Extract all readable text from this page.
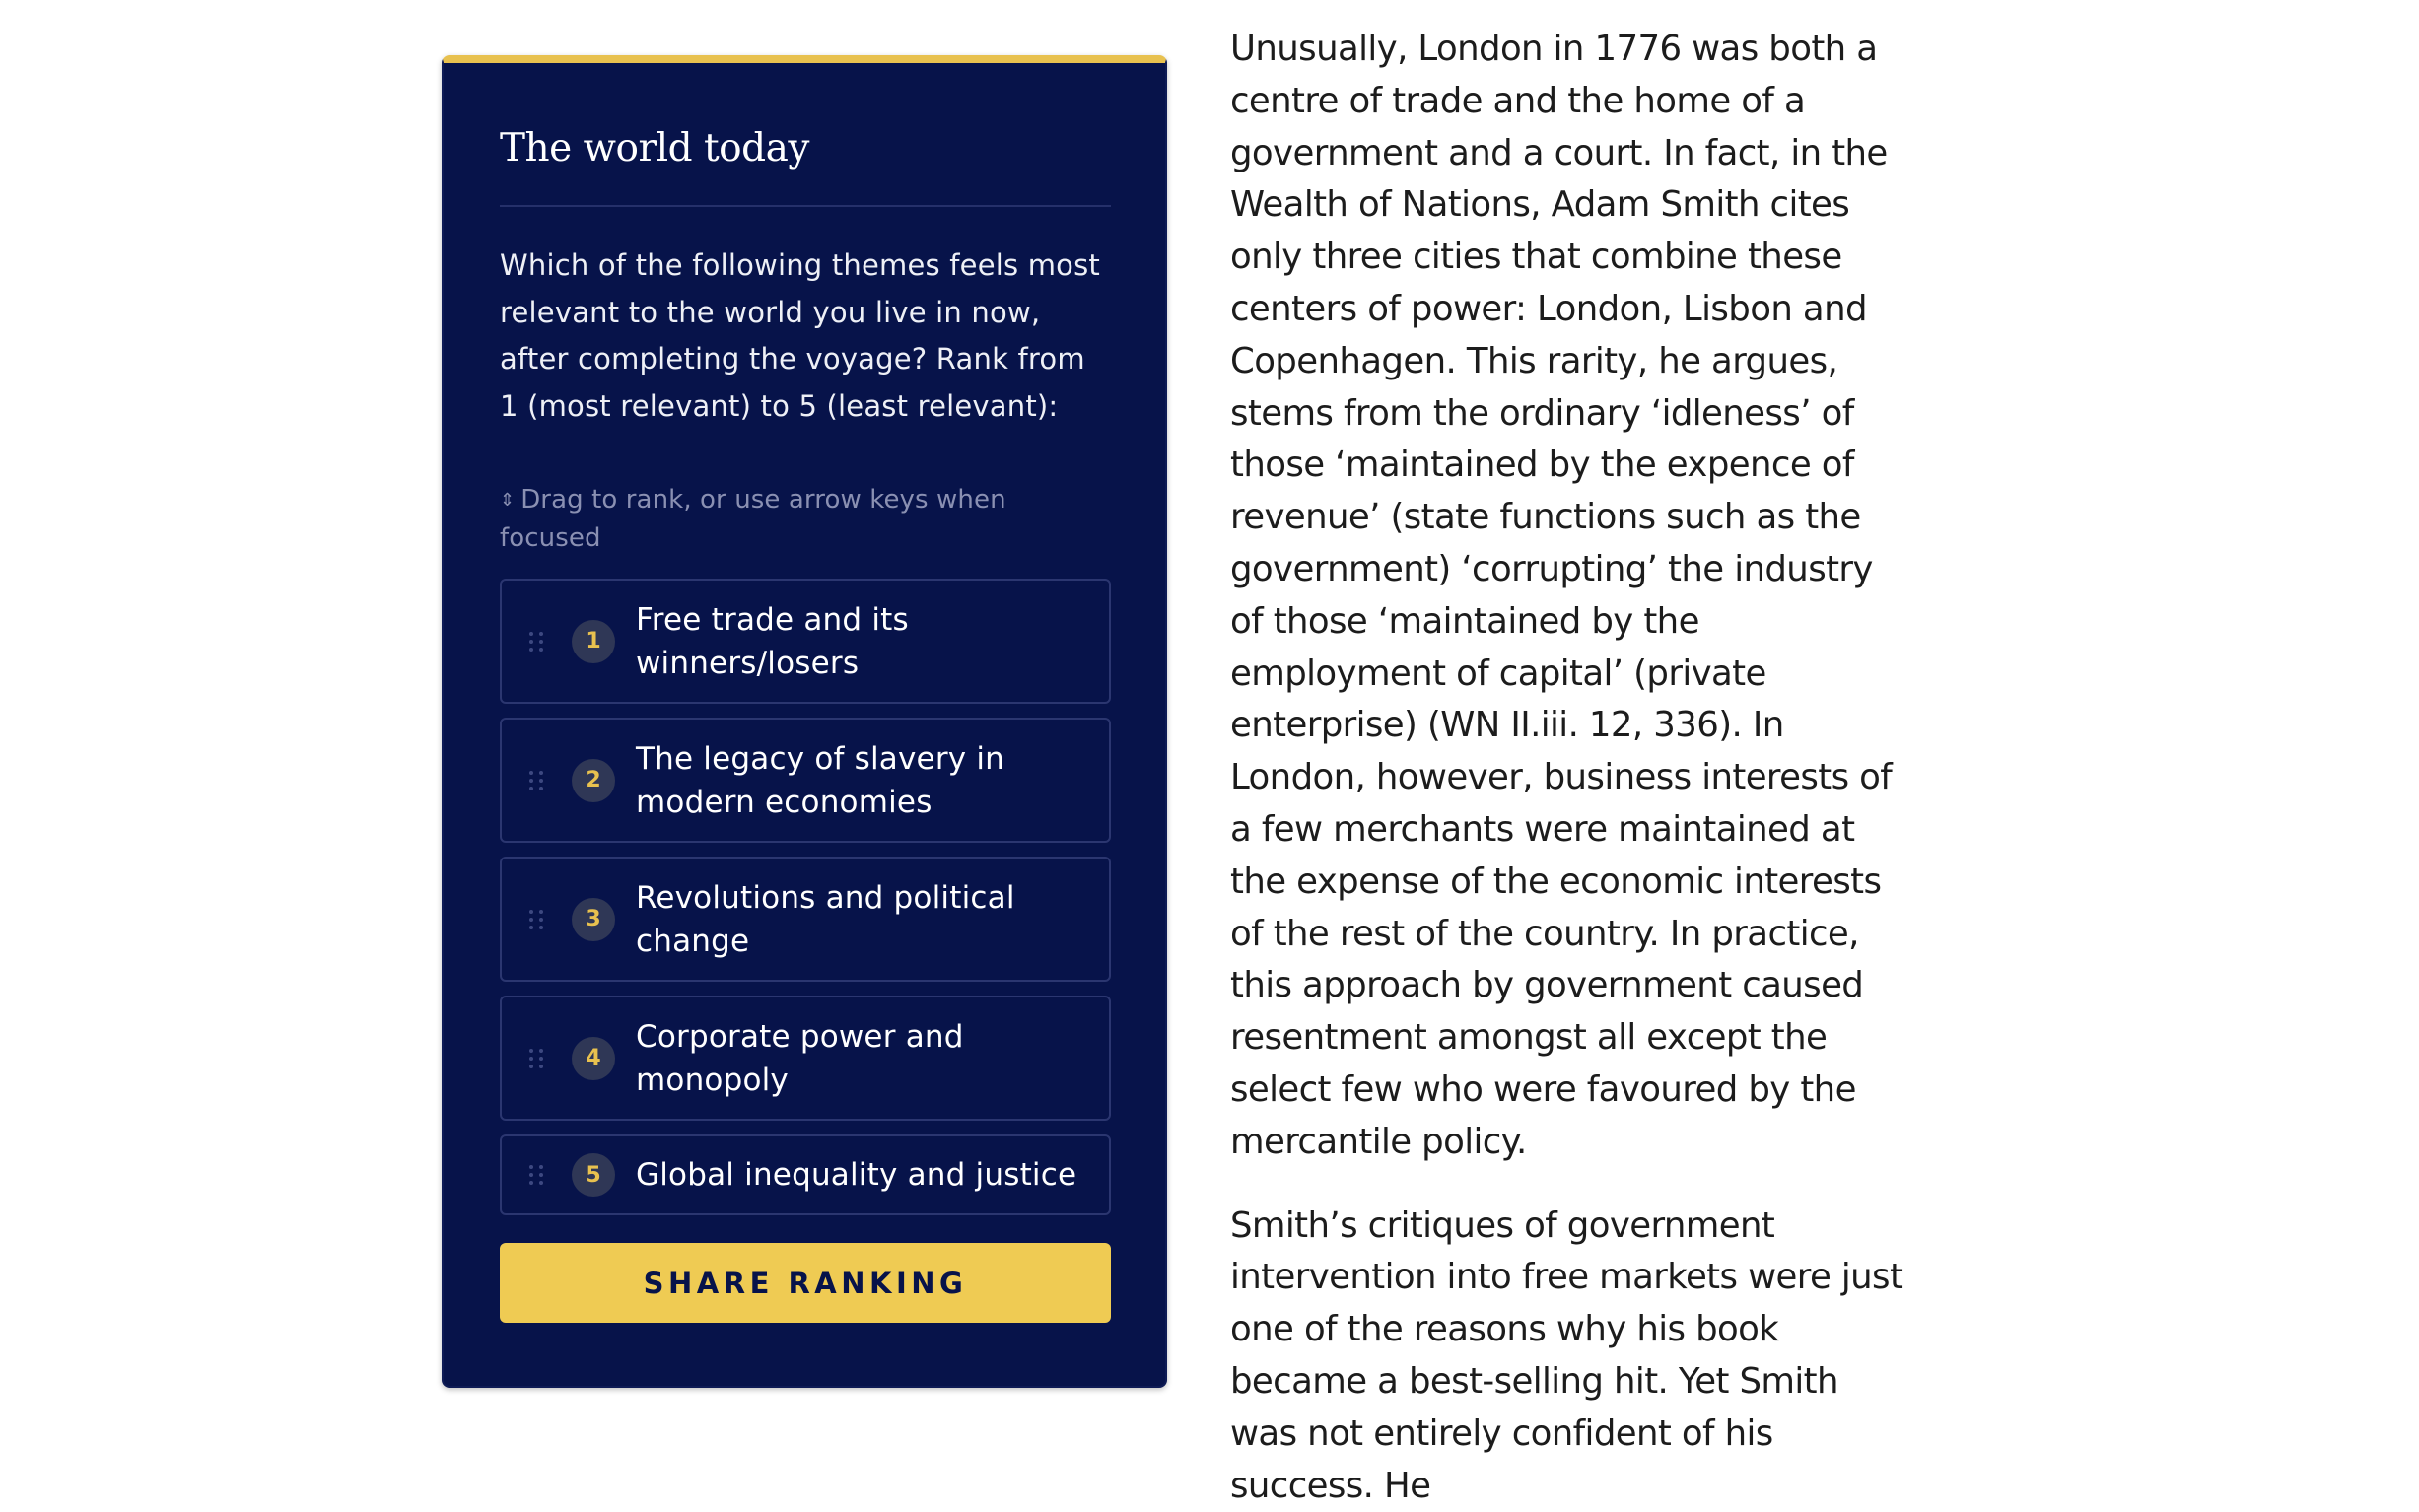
The world today
Which of the following themes feels most relevant to the world you live in now, after completing the voyage? Rank from 1 (most relevant) to 5 (least relevant):
⇕ Drag to rank, or use arrow keys when focused
1
Free trade and its winners/losers
2
The legacy of slavery in modern economies
3
Revolutions and political change
4
Corporate power and monopoly
5	Global inequality and justice
SHARE RANKING

Unusually, London in 1776 was both a centre of trade and the home of a government and a court. In fact, in the Wealth of Nations, Adam Smith cites only three cities that combine these centers of power: London, Lisbon and Copenhagen. This rarity, he argues, stems from the ordinary ‘idleness’ of those ‘maintained by the expence of revenue’ (state functions such as the government) ‘corrupting’ the industry of those ‘maintained by the employment of capital’ (private enterprise) (WN II.iii. 12, 336). In London, however, business interests of a few merchants were maintained at the expense of the economic interests of the rest of the country. In practice, this approach by government caused resentment amongst all except the select few who were favoured by the mercantile policy.

Smith’s critiques of government intervention into free markets were just one of the reasons why his book became a best-selling hit. Yet Smith was not entirely confident of his success. He
